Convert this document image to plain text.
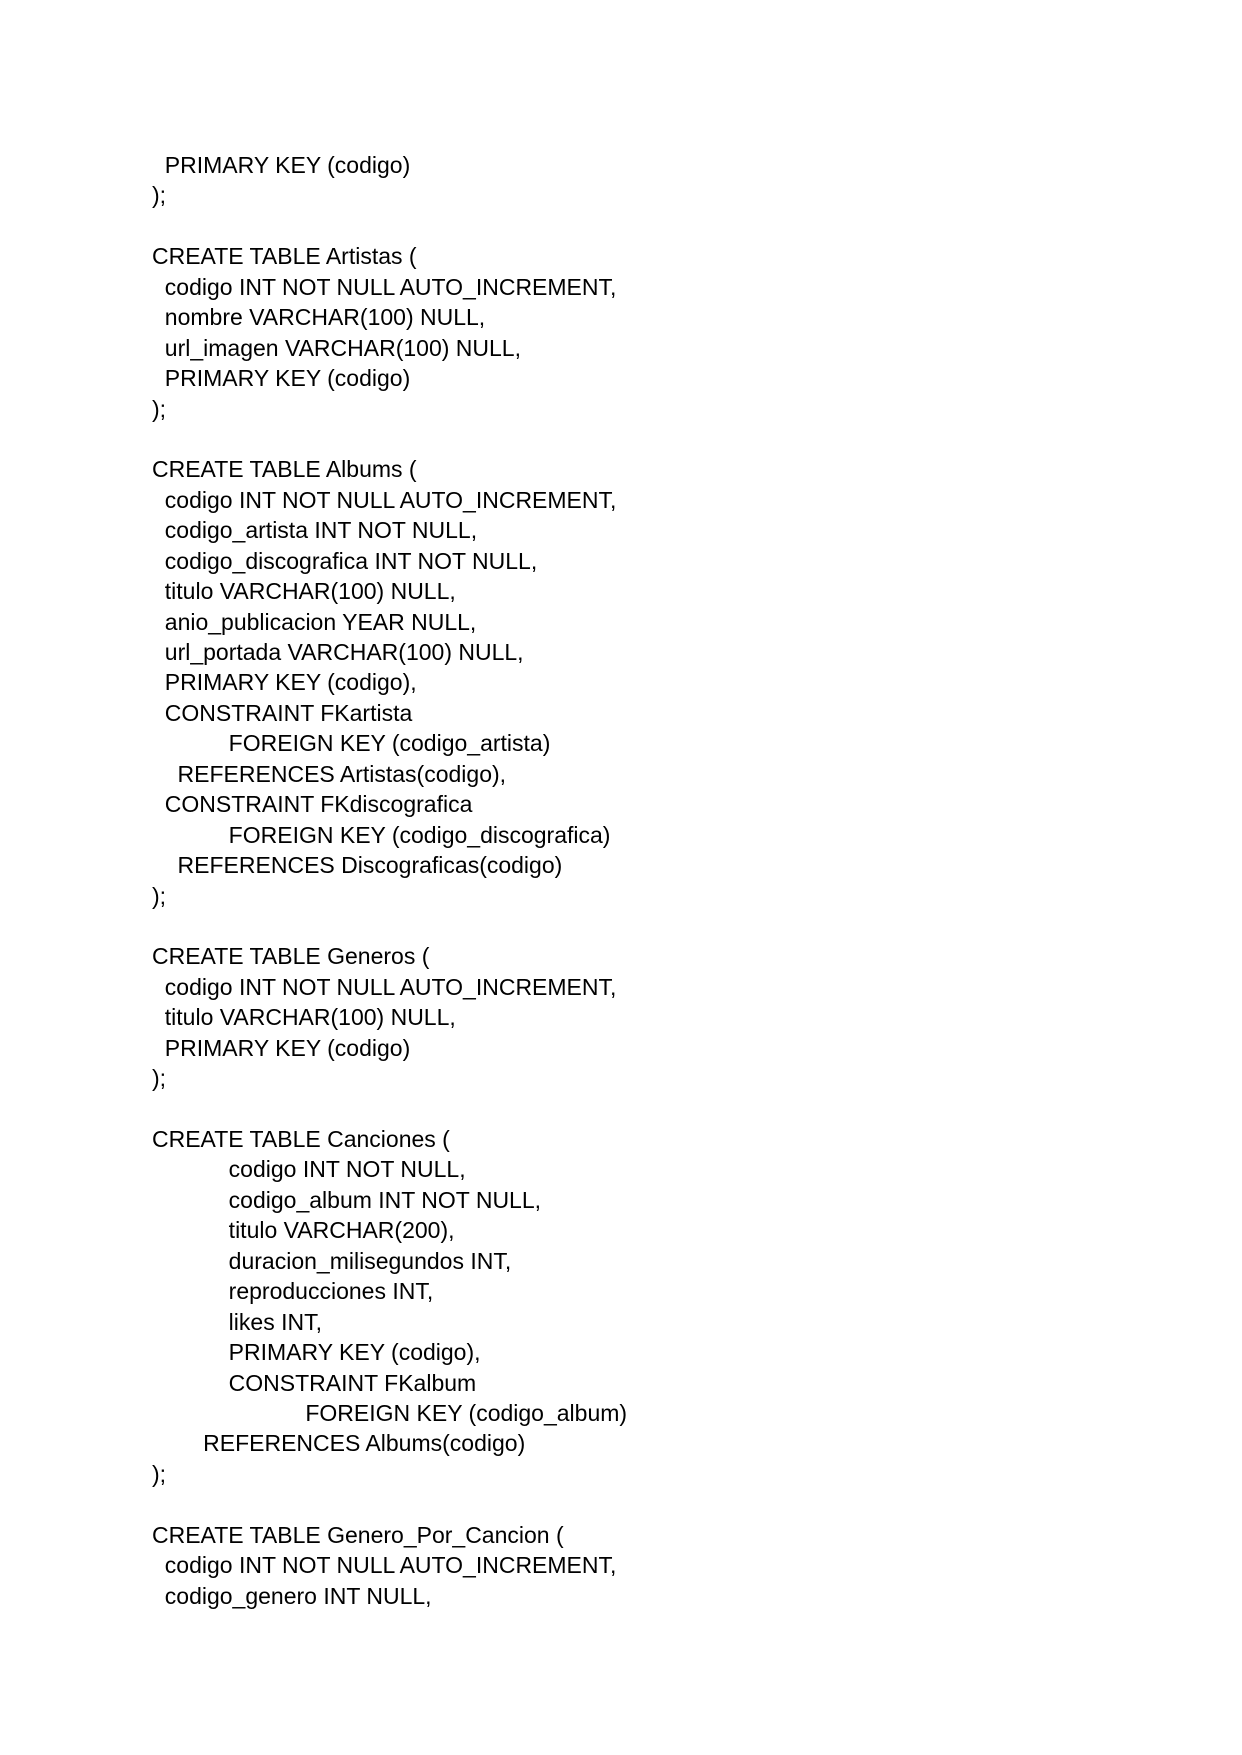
PRIMARY KEY (codigo)
);
CREATE TABLE Artistas (
codigo INT NOT NULL AUTO_INCREMENT,
nombre VARCHAR(100) NULL,
url_imagen VARCHAR(100) NULL,
PRIMARY KEY (codigo)
);
CREATE TABLE Albums (
codigo INT NOT NULL AUTO_INCREMENT,
codigo_artista INT NOT NULL,
codigo_discografica INT NOT NULL,
titulo VARCHAR(100) NULL,
anio_publicacion YEAR NULL,
url_portada VARCHAR(100) NULL,
PRIMARY KEY (codigo),
CONSTRAINT FKartista
FOREIGN KEY (codigo_artista)
REFERENCES Artistas(codigo),
CONSTRAINT FKdiscografica
FOREIGN KEY (codigo_discografica)
REFERENCES Discograficas(codigo)
);
CREATE TABLE Generos (
codigo INT NOT NULL AUTO_INCREMENT,
titulo VARCHAR(100) NULL,
PRIMARY KEY (codigo)
);
CREATE TABLE Canciones (
codigo INT NOT NULL,
codigo_album INT NOT NULL,
titulo VARCHAR(200),
duracion_milisegundos INT,
reproducciones INT,
likes INT,
PRIMARY KEY (codigo),
CONSTRAINT FKalbum
FOREIGN KEY (codigo_album)
REFERENCES Albums(codigo)
);
CREATE TABLE Genero_Por_Cancion (
codigo INT NOT NULL AUTO_INCREMENT,
codigo_genero INT NULL,
